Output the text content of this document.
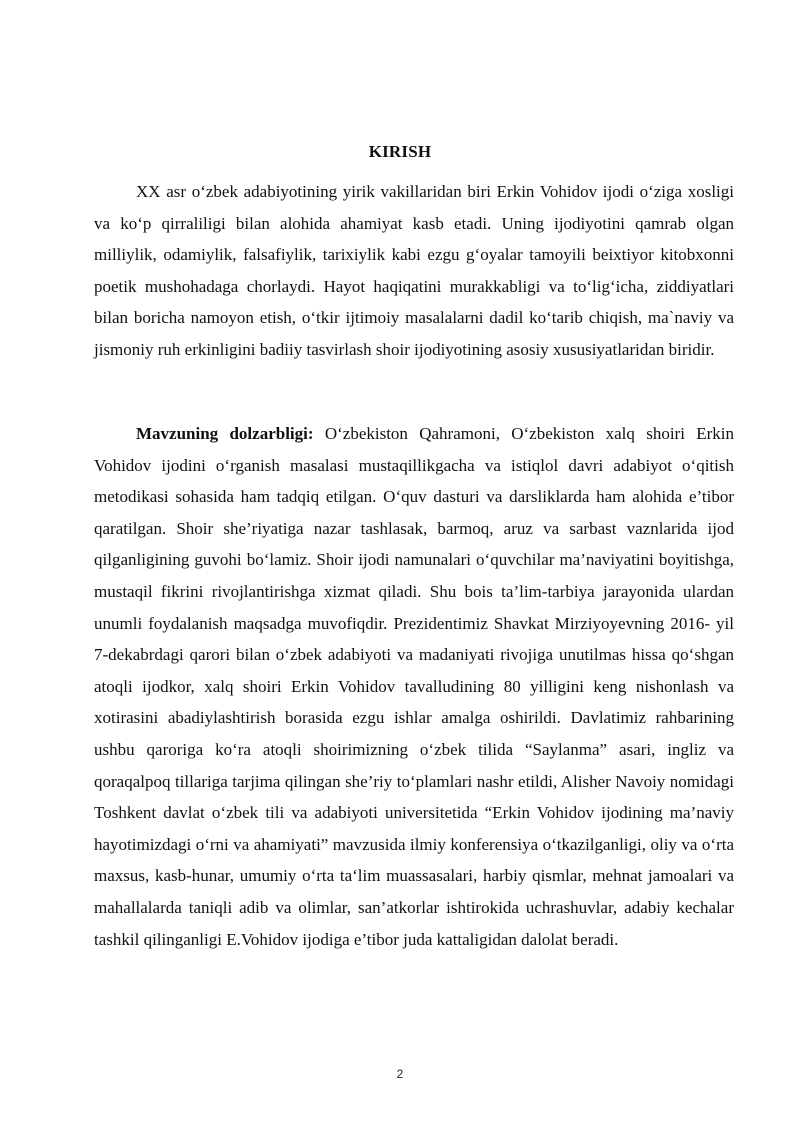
KIRISH

XX asr o‘zbek adabiyotining yirik vakillaridan biri Erkin Vohidov ijodi o‘ziga xosligi va ko‘p qirraliligi bilan alohida ahamiyat kasb etadi. Uning ijodiyotini qamrab olgan milliylik, odamiylik, falsafiylik, tarixiylik kabi ezgu g‘oyalar tamoyili beixtiyor kitobxonni poetik mushohadaga chorlaydi. Hayot haqiqatini murakkabligi va to‘lig‘icha, ziddiyatlari bilan boricha namoyon etish, o‘tkir ijtimoiy masalalarni dadil ko‘tarib chiqish, ma`naviy va jismoniy ruh erkinligini badiiy tasvirlash shoir ijodiyotining asosiy xususiyatlaridan biridir.

Mavzuning dolzarbligi: O‘zbekiston Qahramoni, O‘zbekiston xalq shoiri Erkin Vohidov ijodini o‘rganish masalasi mustaqillikgacha va istiqlol davri adabiyot o‘qitish metodikasi sohasida ham tadqiq etilgan. O‘quv dasturi va darsliklarda ham alohida e’tibor qaratilgan. Shoir she’riyatiga nazar tashlasak, barmoq, aruz va sarbast vaznlarida ijod qilganligining guvohi bo‘lamiz. Shoir ijodi namunalari o‘quvchilar ma’naviyatini boyitishga, mustaqil fikrini rivojlantirishga xizmat qiladi. Shu bois ta’lim-tarbiya jarayonida ulardan unumli foydalanish maqsadga muvofiqdir. Prezidentimiz Shavkat Mirziyoyevning 2016- yil 7-dekabrdagi qarori bilan o‘zbek adabiyoti va madaniyati rivojiga unutilmas hissa qo‘shgan atoqli ijodkor, xalq shoiri Erkin Vohidov tavalludining 80 yilligini keng nishonlash va xotirasini abadiylashtirish borasida ezgu ishlar amalga oshirildi. Davlatimiz rahbarining ushbu qaroriga ko‘ra atoqli shoirimizning o‘zbek tilida “Saylanma” asari, ingliz va qoraqalpoq tillariga tarjima qilingan she’riy to‘plamlari nashr etildi, Alisher Navoiy nomidagi Toshkent davlat o‘zbek tili va adabiyoti universitetida “Erkin Vohidov ijodining ma’naviy hayotimizdagi o‘rni va ahamiyati” mavzusida ilmiy konferensiya o‘tkazilganligi, oliy va o‘rta maxsus, kasb-hunar, umumiy o‘rta ta‘lim muassasalari, harbiy qismlar, mehnat jamoalari va mahallalarda taniqli adib va olimlar, san’atkorlar ishtirokida uchrashuvlar, adabiy kechalar tashkil qilinganligi E.Vohidov ijodiga e’tibor juda kattaligidan dalolat beradi.

2
